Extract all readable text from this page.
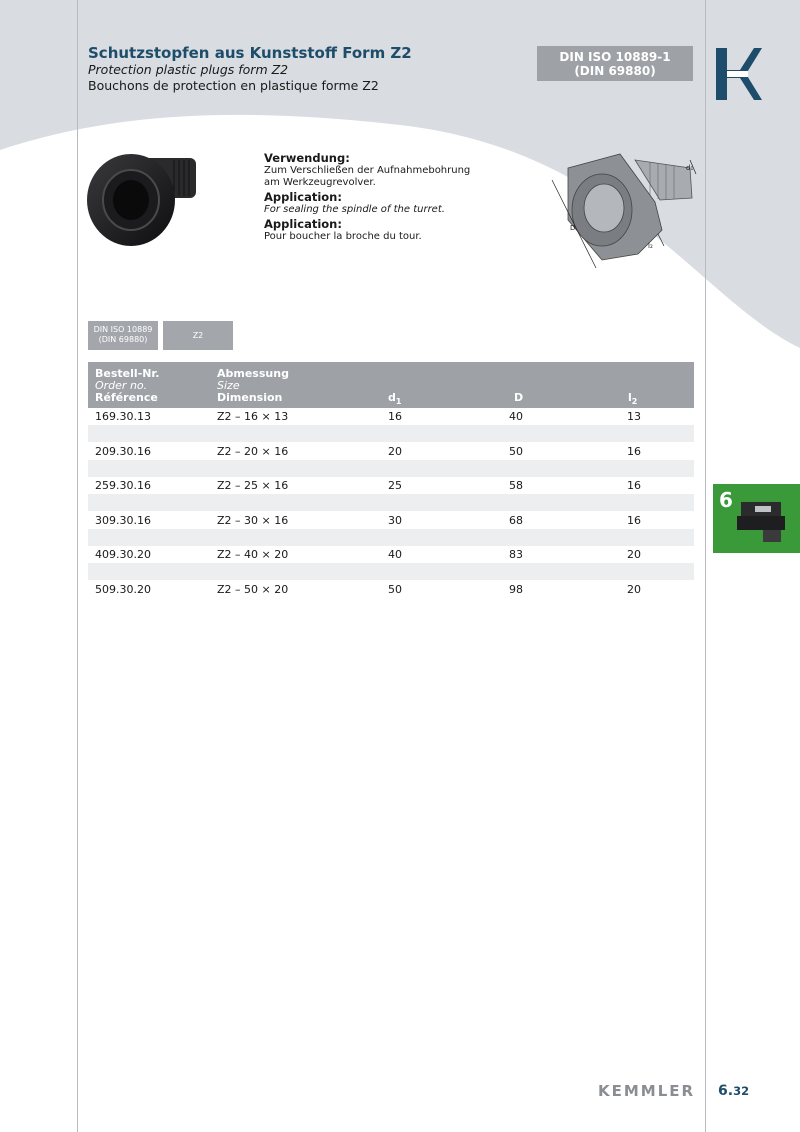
Schutzstopfen aus Kunststoff Form Z2
Protection plastic plugs form Z2
Bouchons de protection en plastique forme Z2
DIN ISO 10889-1
(DIN 69880)
Verwendung:
Zum Verschließen der Aufnahmebohrung
am Werkzeugrevolver.
Application:
For sealing the spindle of the turret.
Application:
Pour boucher la broche du tour.
D
l₂
d₁
DIN ISO 10889
(DIN 69880)	Z2
Bestell-Nr.
Order no.
Référence
Abmessung
Size
Dimension	$d_1$	D	$l_2$
169.30.13	Z2 – 16 × 13	16	40	13
209.30.16	Z2 – 20 × 16	20	50	16
259.30.16	Z2 – 25 × 16	25	58	16
309.30.16	Z2 – 30 × 16	30	68	16
409.30.20	Z2 – 40 × 20	40	83	20
509.30.20	Z2 – 50 × 20	50	98	20
6
KEMMLER 6.32
